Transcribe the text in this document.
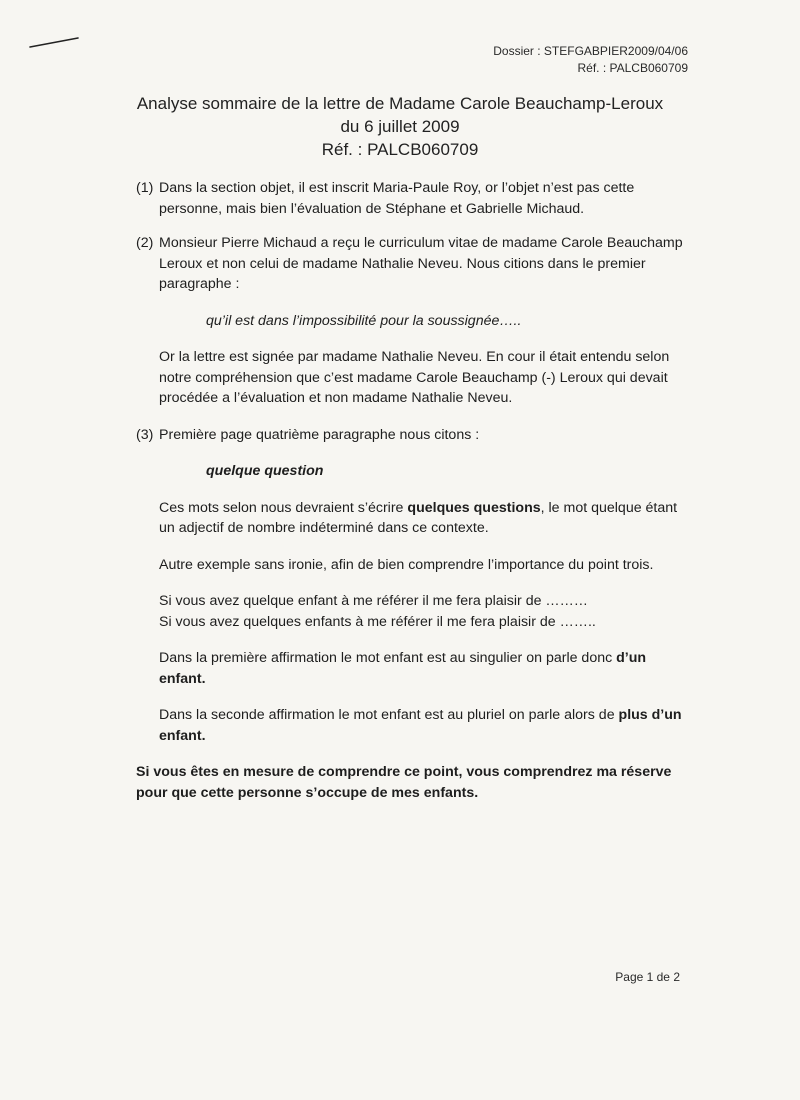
Dossier : STEFGABPIER2009/04/06
Réf. : PALCB060709
Analyse sommaire de la lettre de Madame Carole Beauchamp-Leroux
du 6 juillet 2009
Réf. : PALCB060709
(1) Dans la section objet, il est inscrit Maria-Paule Roy, or l’objet n’est pas cette personne, mais bien l’évaluation de Stéphane et Gabrielle Michaud.
(2) Monsieur Pierre Michaud a reçu le curriculum vitae de madame Carole Beauchamp Leroux et non celui de madame Nathalie Neveu. Nous citions dans le premier paragraphe :
qu’il est dans l’impossibilité pour la soussignée…..
Or la lettre est signée par madame Nathalie Neveu. En cour il était entendu selon notre compréhension que c’est madame Carole Beauchamp (-) Leroux qui devait procédée a l’évaluation et non madame Nathalie Neveu.
(3) Première page quatrième paragraphe nous citons :
quelque question
Ces mots selon nous devraient s’écrire quelques questions, le mot quelque étant un adjectif de nombre indéterminé dans ce contexte.
Autre exemple sans ironie, afin de bien comprendre l’importance du point trois.
Si vous avez quelque enfant à me référer il me fera plaisir de ………
Si vous avez quelques enfants à me référer il me fera plaisir de ……..
Dans la première affirmation le mot enfant est au singulier on parle donc d’un enfant.
Dans la seconde affirmation le mot enfant est au pluriel on parle alors de plus d’un enfant.
Si vous êtes en mesure de comprendre ce point, vous comprendrez ma réserve pour que cette personne s’occupe de mes enfants.
Page 1 de 2
